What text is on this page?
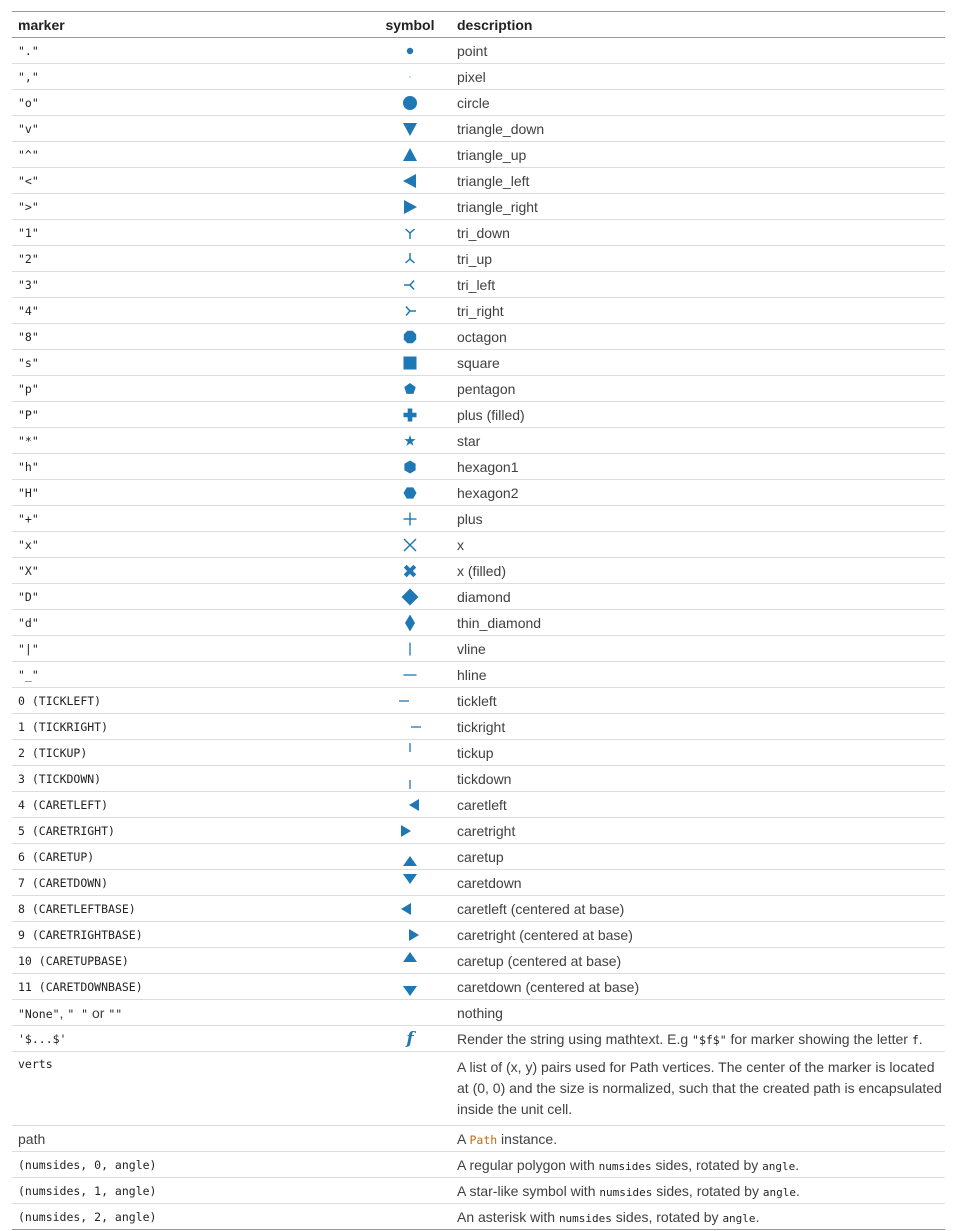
marker	symbol	description
"."		point
","		pixel
"o"		circle
"v"		triangle_down
"^"		triangle_up
"<"		triangle_left
">"		triangle_right
"1"		tri_down
"2"		tri_up
"3"		tri_left
"4"		tri_right
"8"		octagon
"s"		square
"p"		pentagon
"P"		plus (filled)
"*"		star
"h"		hexagon1
"H"		hexagon2
"+"		plus
"x"		x
"X"		x (filled)
"D"		diamond
"d"		thin_diamond
"|"		vline
"_"		hline
0 (TICKLEFT)		tickleft
1 (TICKRIGHT)		tickright
2 (TICKUP)		tickup
3 (TICKDOWN)		tickdown
4 (CARETLEFT)		caretleft
5 (CARETRIGHT)		caretright
6 (CARETUP)		caretup
7 (CARETDOWN)		caretdown
8 (CARETLEFTBASE)		caretleft (centered at base)
9 (CARETRIGHTBASE)		caretright (centered at base)
10 (CARETUPBASE)		caretup (centered at base)
11 (CARETDOWNBASE)		caretdown (centered at base)
"None", " " or ""		nothing
'$...$'	f	Render the string using mathtext. E.g "$f$" for marker showing the letter f.
verts		A list of (x, y) pairs used for Path vertices. The center of the marker is located at (0, 0) and the size is normalized, such that the created path is encapsulated inside the unit cell.
path		A Path instance.
(numsides, 0, angle)		A regular polygon with numsides sides, rotated by angle.
(numsides, 1, angle)		A star-like symbol with numsides sides, rotated by angle.
(numsides, 2, angle)		An asterisk with numsides sides, rotated by angle.
